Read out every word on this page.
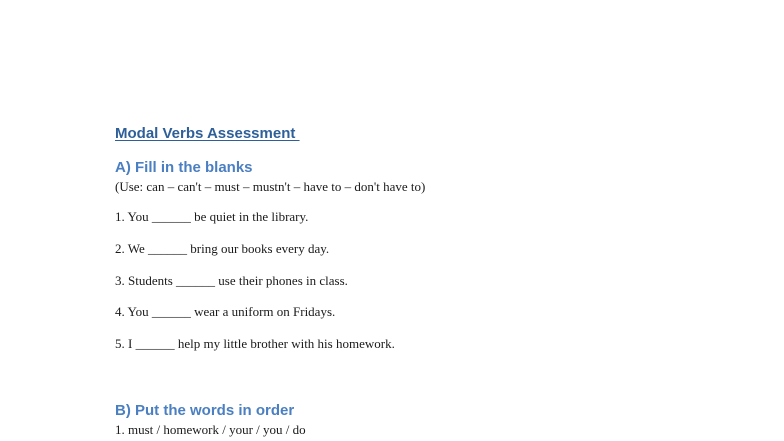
Modal Verbs Assessment
A) Fill in the blanks

(Use: can – can't – must – mustn't – have to – don't have to)

1. You ______ be quiet in the library.

2. We ______ bring our books every day.

3. Students ______ use their phones in class.

4. You ______ wear a uniform on Fridays.

5. I ______ help my little brother with his homework.

B) Put the words in order

1. must / homework / your / you / do
